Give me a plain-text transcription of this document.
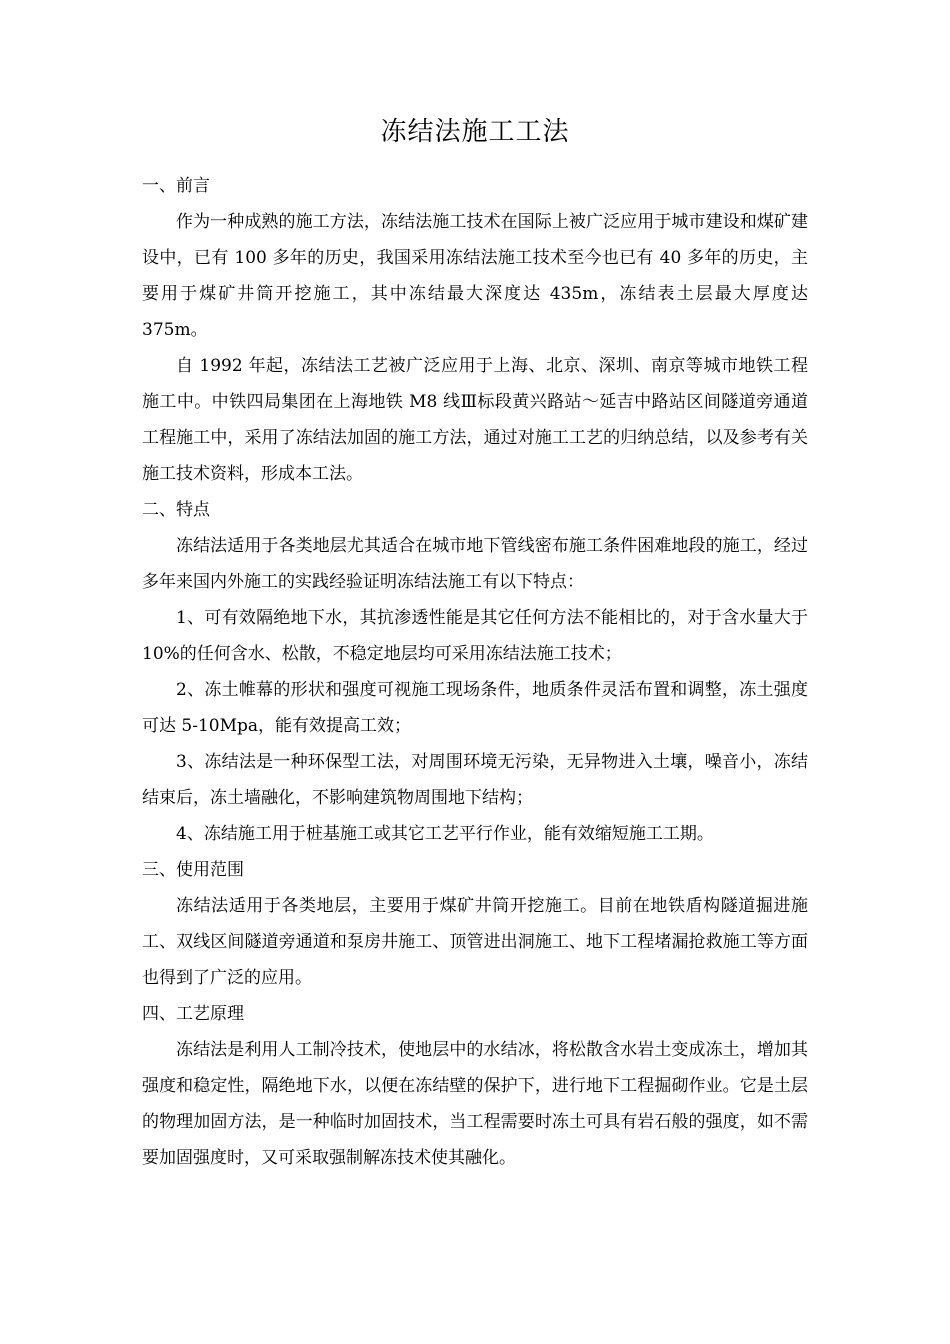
冻结法施工工法

一、前言

作为一种成熟的施工方法，冻结法施工技术在国际上被广泛应用于城市建设和煤矿建设中，已有 100 多年的历史，我国采用冻结法施工技术至今也已有 40 多年的历史，主要用于煤矿井筒开挖施工，其中冻结最大深度达 435m，冻结表土层最大厚度达 375m。

自 1992 年起，冻结法工艺被广泛应用于上海、北京、深圳、南京等城市地铁工程施工中。中铁四局集团在上海地铁 M8 线Ⅲ标段黄兴路站～延吉中路站区间隧道旁通道工程施工中，采用了冻结法加固的施工方法，通过对施工工艺的归纳总结，以及参考有关施工技术资料，形成本工法。

二、特点

冻结法适用于各类地层尤其适合在城市地下管线密布施工条件困难地段的施工，经过多年来国内外施工的实践经验证明冻结法施工有以下特点：

1、可有效隔绝地下水，其抗渗透性能是其它任何方法不能相比的，对于含水量大于 10%的任何含水、松散，不稳定地层均可采用冻结法施工技术；

2、冻土帷幕的形状和强度可视施工现场条件，地质条件灵活布置和调整，冻土强度可达 5-10Mpa，能有效提高工效；

3、冻结法是一种环保型工法，对周围环境无污染，无异物进入土壤，噪音小，冻结结束后，冻土墙融化，不影响建筑物周围地下结构；

4、冻结施工用于桩基施工或其它工艺平行作业，能有效缩短施工工期。

三、使用范围

冻结法适用于各类地层，主要用于煤矿井筒开挖施工。目前在地铁盾构隧道掘进施工、双线区间隧道旁通道和泵房井施工、顶管进出洞施工、地下工程堵漏抢救施工等方面也得到了广泛的应用。

四、工艺原理

冻结法是利用人工制冷技术，使地层中的水结冰，将松散含水岩土变成冻土，增加其强度和稳定性，隔绝地下水，以便在冻结壁的保护下，进行地下工程掘砌作业。它是土层的物理加固方法，是一种临时加固技术，当工程需要时冻土可具有岩石般的强度，如不需要加固强度时，又可采取强制解冻技术使其融化。
